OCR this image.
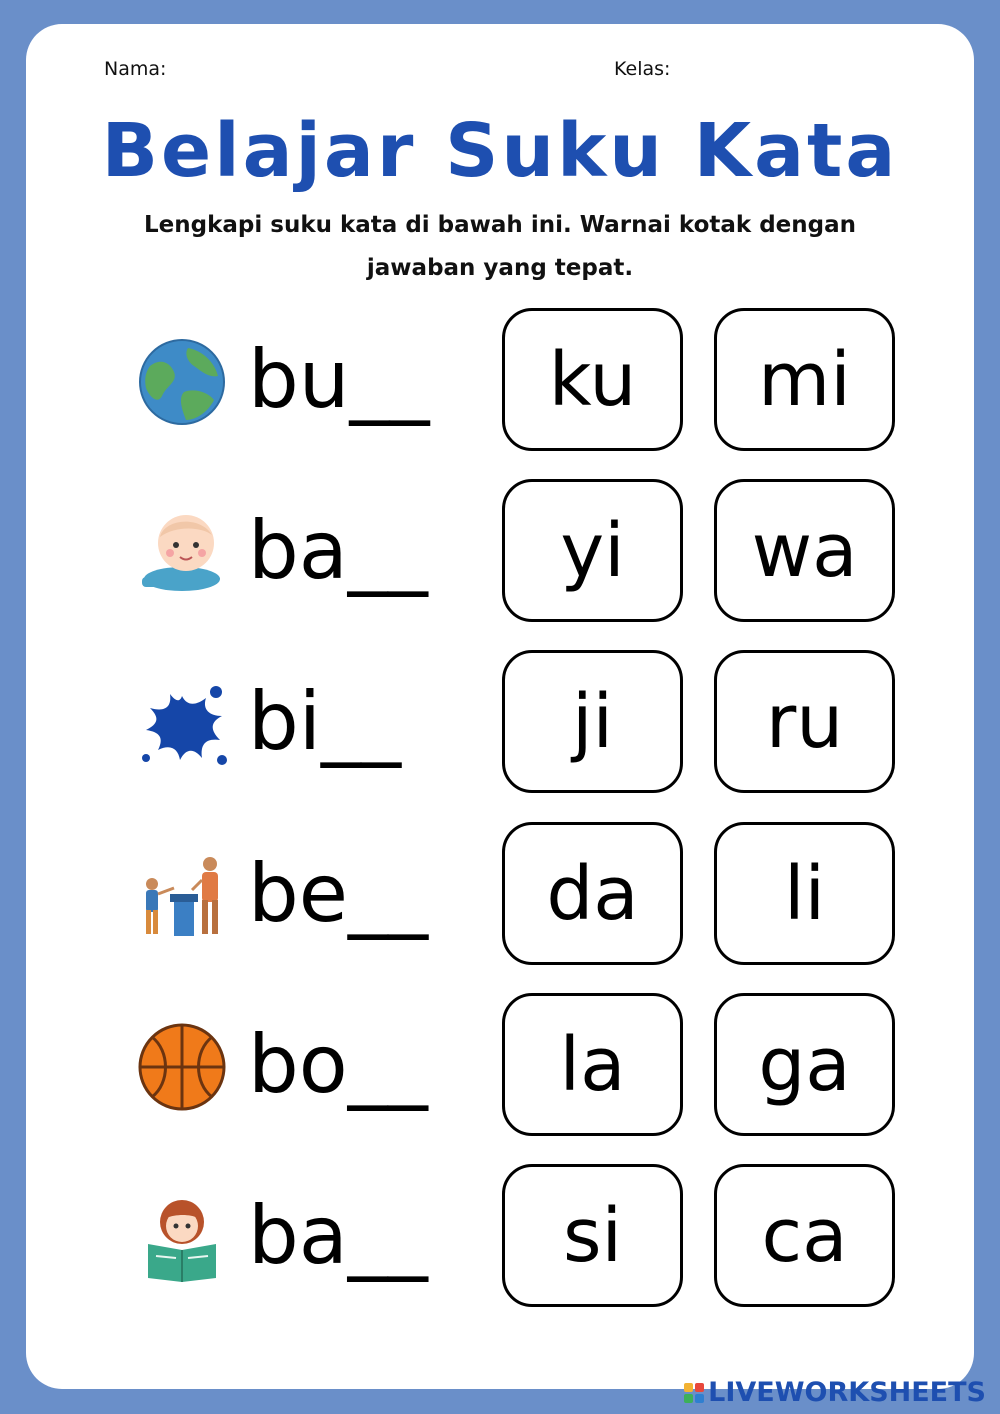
Nama:	Kelas:
Belajar Suku Kata
Lengkapi suku kata di bawah ini. Warnai kotak dengan
jawaban yang tepat.
bu__	ku	mi
ba__	yi	wa
bi__	ji	ru
be__	da	li
bo__	la	ga
ba__	si	ca
LIVEWORKSHEETS
